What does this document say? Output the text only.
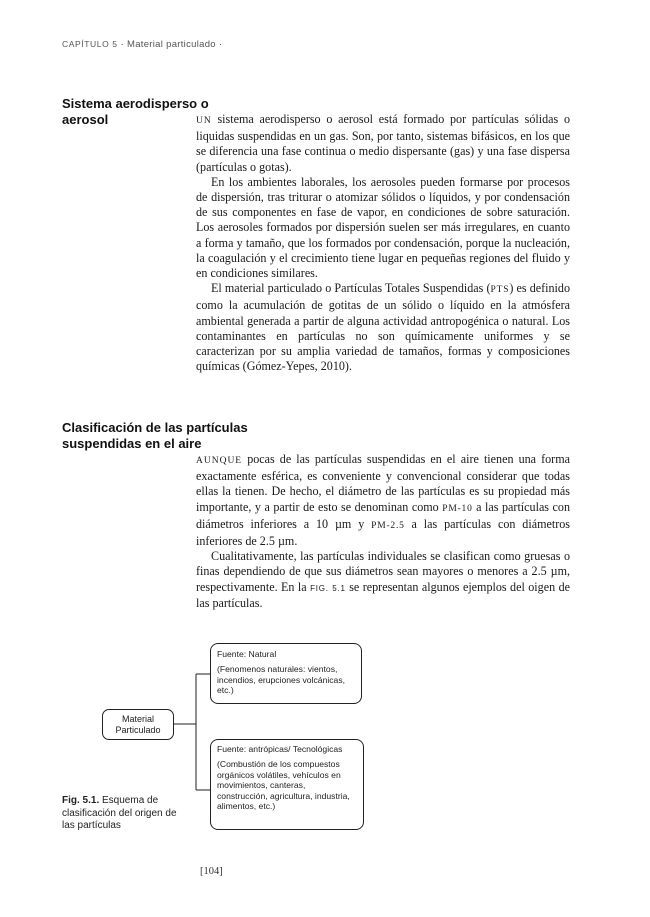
CAPÍTULO 5 · Material particulado ·
Sistema aerodisperso o aerosol	UN sistema aerodisperso o aerosol está formado por partículas sólidas o liquidas suspendidas en un gas. Son, por tanto, sistemas bifásicos, en los que se diferencia una fase continua o medio dispersante (gas) y una fase dispersa (partículas o gotas).

En los ambientes laborales, los aerosoles pueden formarse por procesos de dispersión, tras triturar o atomizar sólidos o líquidos, y por condensación de sus componentes en fase de vapor, en condiciones de sobre saturación. Los aerosoles formados por dispersión suelen ser más irregulares, en cuanto a forma y tamaño, que los formados por condensación, porque la nucleación, la coagulación y el crecimiento tiene lugar en pequeñas regiones del fluido y en condiciones similares.

El material particulado o Partículas Totales Suspendidas (PTS) es definido como la acumulación de gotitas de un sólido o líquido en la atmósfera ambiental generada a partir de alguna actividad antropogénica o natural. Los contaminantes en partículas no son químicamente uniformes y se caracterizan por su amplia variedad de tamaños, formas y composiciones químicas (Gómez-Yepes, 2010).

Clasificación de las partículas suspendidas en el aire

AUNQUE pocas de las partículas suspendidas en el aire tienen una forma exactamente esférica, es conveniente y convencional considerar que todas ellas la tienen. De hecho, el diámetro de las partículas es su propiedad más importante, y a partir de esto se denominan como PM-10 a las partículas con diámetros inferiores a 10 µm y PM-2.5 a las partículas con diámetros inferiores de 2.5 µm.

Cualitativamente, las partículas individuales se clasifican como gruesas o finas dependiendo de que sus diámetros sean mayores o menores a 2.5 µm, respectivamente. En la FIG. 5.1 se representan algunos ejemplos del oigen de las partículas.

Material Particulado
Fuente: Natural
(Fenomenos naturales: vientos, incendios, erupciones volcánicas, etc.)
Fuente: antrópicas/ Tecnológicas
(Combustión de los compuestos orgánicos volátiles, vehículos en movimientos, canteras, construcción, agricultura, industria, alimentos, etc.)
Fig. 5.1. Esquema de clasificación del origen de las partículas
[104]
